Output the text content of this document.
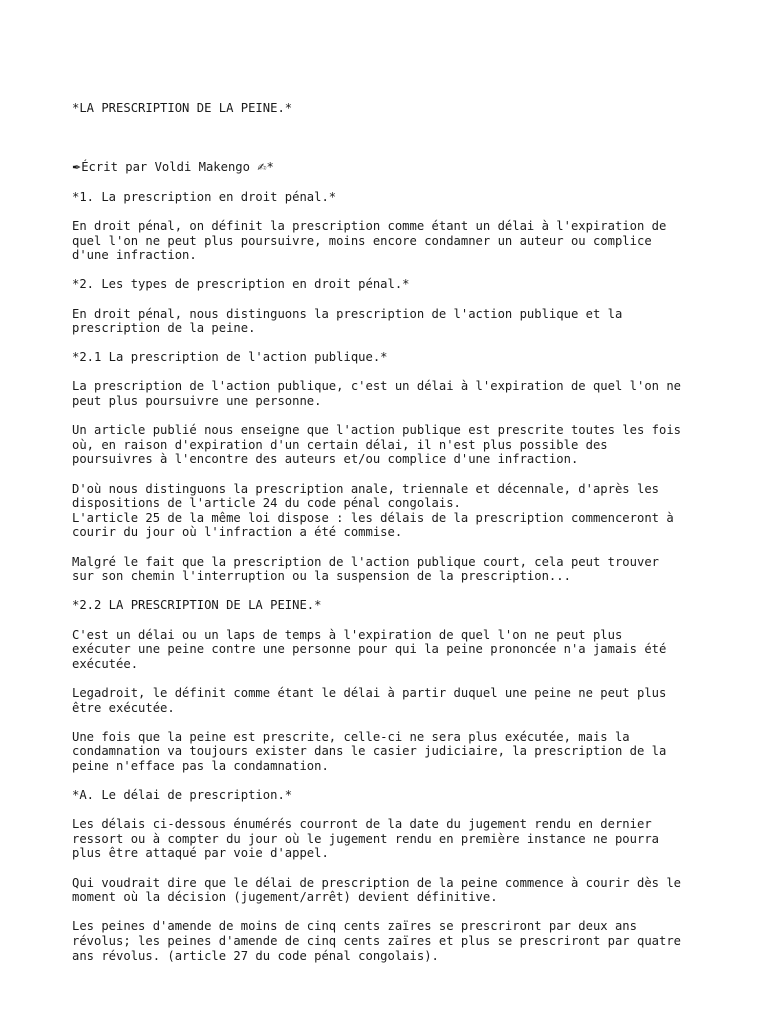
*LA PRESCRIPTION DE LA PEINE.*

✒Écrit par Voldi Makengo ✍*

*1. La prescription en droit pénal.*

En droit pénal, on définit la prescription comme étant un délai à l'expiration de
quel l'on ne peut plus poursuivre, moins encore condamner un auteur ou complice
d'une infraction.

*2. Les types de prescription en droit pénal.*

En droit pénal, nous distinguons la prescription de l'action publique et la
prescription de la peine.

*2.1 La prescription de l'action publique.*

La prescription de l'action publique, c'est un délai à l'expiration de quel l'on ne
peut plus poursuivre une personne.

Un article publié nous enseigne que l'action publique est prescrite toutes les fois
où, en raison d'expiration d'un certain délai, il n'est plus possible des
poursuivres à l'encontre des auteurs et/ou complice d'une infraction.

D'où nous distinguons la prescription anale, triennale et décennale, d'après les
dispositions de l'article 24 du code pénal congolais.
L'article 25 de la même loi dispose : les délais de la prescription commenceront à
courir du jour où l'infraction a été commise.

Malgré le fait que la prescription de l'action publique court, cela peut trouver
sur son chemin l'interruption ou la suspension de la prescription...

*2.2 LA PRESCRIPTION DE LA PEINE.*

C'est un délai ou un laps de temps à l'expiration de quel l'on ne peut plus
exécuter une peine contre une personne pour qui la peine prononcée n'a jamais été
exécutée.

Legadroit, le définit comme étant le délai à partir duquel une peine ne peut plus
être exécutée.

Une fois que la peine est prescrite, celle-ci ne sera plus exécutée, mais la
condamnation va toujours exister dans le casier judiciaire, la prescription de la
peine n'efface pas la condamnation.

*A. Le délai de prescription.*

Les délais ci-dessous énumérés courront de la date du jugement rendu en dernier
ressort ou à compter du jour où le jugement rendu en première instance ne pourra
plus être attaqué par voie d'appel.

Qui voudrait dire que le délai de prescription de la peine commence à courir dès le
moment où la décision (jugement/arrêt) devient définitive.

Les peines d'amende de moins de cinq cents zaïres se prescriront par deux ans
révolus; les peines d'amende de cinq cents zaïres et plus se prescriront par quatre
ans révolus. (article 27 du code pénal congolais).
